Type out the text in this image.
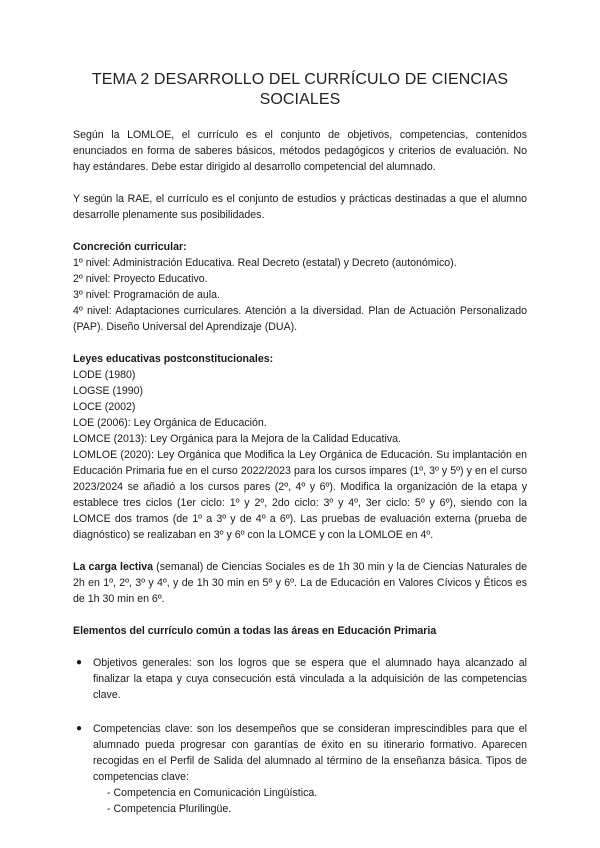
TEMA 2 DESARROLLO DEL CURRÍCULO DE CIENCIAS SOCIALES

Según la LOMLOE, el currículo es el conjunto de objetivos, competencias, contenidos enunciados en forma de saberes básicos, métodos pedagógicos y criterios de evaluación. No hay estándares. Debe estar dirigido al desarrollo competencial del alumnado.

Y según la RAE, el currículo es el conjunto de estudios y prácticas destinadas a que el alumno desarrolle plenamente sus posibilidades.

Concreción curricular:

1º nivel: Administración Educativa. Real Decreto (estatal) y Decreto (autonómico).

2º nivel: Proyecto Educativo.

3º nivel: Programación de aula.

4º nivel: Adaptaciones curriculares. Atención a la diversidad. Plan de Actuación Personalizado (PAP). Diseño Universal del Aprendizaje (DUA).

Leyes educativas postconstitucionales:

LODE (1980)

LOGSE (1990)

LOCE (2002)

LOE (2006): Ley Orgánica de Educación.

LOMCE (2013): Ley Orgánica para la Mejora de la Calidad Educativa.

LOMLOE (2020): Ley Orgánica que Modifica la Ley Orgánica de Educación. Su implantación en Educación Primaria fue en el curso 2022/2023 para los cursos impares (1º, 3º y 5º) y en el curso 2023/2024 se añadió a los cursos pares (2º, 4º y 6º). Modifica la organización de la etapa y establece tres ciclos (1er ciclo: 1º y 2º, 2do ciclo: 3º y 4º, 3er ciclo: 5º y 6º), siendo con la LOMCE dos tramos (de 1º a 3º y de 4º a 6º). Las pruebas de evaluación externa (prueba de diagnóstico) se realizaban en 3º y 6º con la LOMCE y con la LOMLOE en 4º.

La carga lectiva (semanal) de Ciencias Sociales es de 1h 30 min y la de Ciencias Naturales de 2h en 1º, 2º, 3º y 4º, y de 1h 30 min en 5º y 6º. La de Educación en Valores Cívicos y Éticos es de 1h 30 min en 6º.

Elementos del currículo común a todas las áreas en Educación Primaria

● Objetivos generales: son los logros que se espera que el alumnado haya alcanzado al finalizar la etapa y cuya consecución está vinculada a la adquisición de las competencias clave.
● Competencias clave: son los desempeños que se consideran imprescindibles para que el alumnado pueda progresar con garantías de éxito en su itinerario formativo. Aparecen recogidas en el Perfil de Salida del alumnado al término de la enseñanza básica. Tipos de competencias clave:

- Competencia en Comunicación Lingüística.

- Competencia Plurilingüe.
